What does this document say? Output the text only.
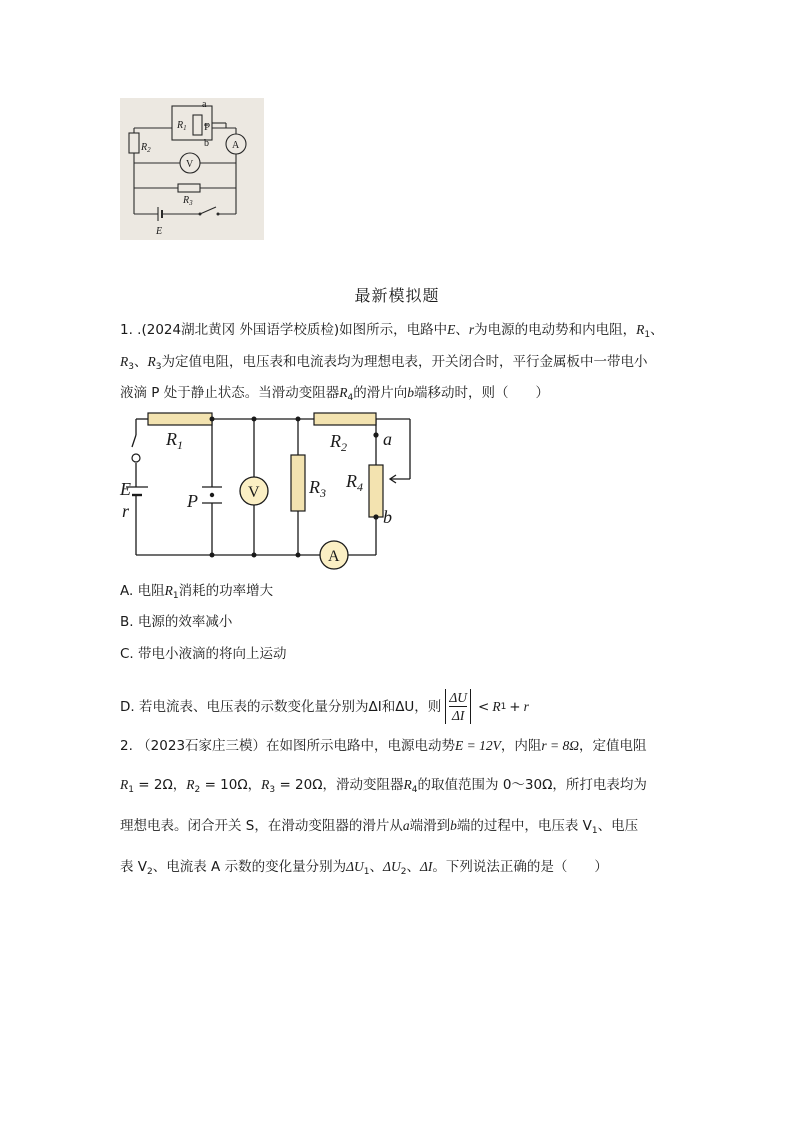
a
b
P
$R_1$
$R_2$
$R_3$
A
V
E
最新模拟题
1. .(2024湖北黄冈 外国语学校质检)如图所示，电路中E、r为电源的电动势和内电阻，$R_1$、
$R_3$、$R_3$为定值电阻，电压表和电流表均为理想电表，开关闭合时，平行金属板中一带电小
液滴 P 处于静止状态。当滑动变阻器$R_4$的滑片向b端移动时，则（　　）
$R_1$	$R_2$
$R_3$
$R_4$
E
r	P	V
A
a
b
A. 电阻$R_1$消耗的功率增大
B. 电源的效率减小
C. 带电小液滴的将向上运动
D. 若电流表、电压表的示数变化量分别为ΔI和ΔU，则
ΔU
ΔI
< R 1 + r
2. （2023石家庄三模）在如图所示电路中，电源电动势E = 12V，内阻r = 8Ω，定值电阻
$R_1 = 2\Omega$，$R_2 = 10\Omega$，$R_3 = 20\Omega$，滑动变阻器$R_4$的取值范围为 0～30Ω，所打电表均为
理想电表。闭合开关 S，在滑动变阻器的滑片从a端滑到b端的过程中，电压表 $V_1$、电压
表 $V_2$、电流表 A 示数的变化量分别为$\Delta U_1$、$\Delta U_2$、ΔI。下列说法正确的是（　　）
